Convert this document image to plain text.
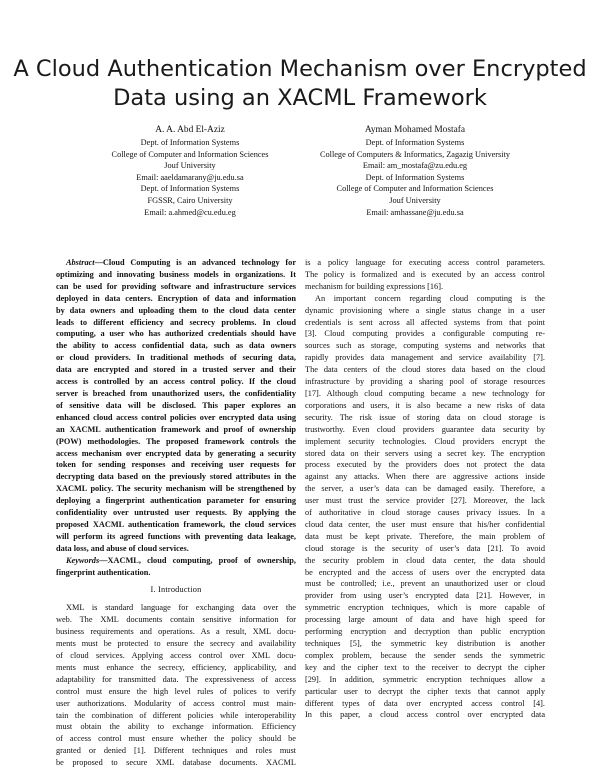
A Cloud Authentication Mechanism over Encrypted
Data using an XACML Framework
A. A. Abd El-Aziz
Dept. of Information Systems
College of Computer and Information Sciences
Jouf University
Email: aaeldamarany@ju.edu.sa
Dept. of Information Systems
FGSSR, Cairo University
Email: a.ahmed@cu.edu.eg
Ayman Mohamed Mostafa
Dept. of Information Systems
College of Computers & Informatics, Zagazig University
Email: am_mostafa@zu.edu.eg
Dept. of Information Systems
College of Computer and Information Sciences
Jouf University
Email: amhassane@ju.edu.sa
Abstract—Cloud Computing is an advanced technology for
optimizing and innovating business models in organizations. It
can be used for providing software and infrastructure services
deployed in data centers. Encryption of data and information
by data owners and uploading them to the cloud data center
leads to different efficiency and secrecy problems. In cloud
computing, a user who has authorized credentials should have
the ability to access confidential data, such as data owners
or cloud providers. In traditional methods of securing data,
data are encrypted and stored in a trusted server and their
access is controlled by an access control policy. If the cloud
server is breached from unauthorized users, the confidentiality
of sensitive data will be disclosed. This paper explores an
enhanced cloud access control policies over encrypted data using
an XACML authentication framework and proof of ownership
(POW) methodologies. The proposed framework controls the
access mechanism over encrypted data by generating a security
token for sending responses and receiving user requests for
decrypting data based on the previously stored attributes in the
XACML policy. The security mechanism will be strengthened by
deploying a fingerprint authentication parameter for ensuring
confidentiality over untrusted user requests. By applying the
proposed XACML authentication framework, the cloud services
will perform its agreed functions with preventing data leakage,
data loss, and abuse of cloud services.
Keywords—XACML, cloud computing, proof of ownership,
fingerprint authentication.
I. Introduction
XML is standard language for exchanging data over the
web. The XML documents contain sensitive information for
business requirements and operations. As a result, XML docu-
ments must be protected to ensure the secrecy and availability
of cloud services. Applying access control over XML docu-
ments must enhance the secrecy, efficiency, applicability, and
adaptability for transmitted data. The expressiveness of access
control must ensure the high level rules of polices to verify
user authorizations. Modularity of access control must main-
tain the combination of different policies while interoperability
must obtain the ability to exchange information. Efficiency
of access control must ensure whether the policy should be
granted or denied [1]. Different techniques and roles must
be proposed to secure XML database documents. XACML
is a policy language for executing access control parameters.
The policy is formalized and is executed by an access control
mechanism for building expressions [16].
An important concern regarding cloud computing is the
dynamic provisioning where a single status change in a user
credentials is sent across all affected systems from that point
[3]. Cloud computing provides a configurable computing re-
sources such as storage, computing systems and networks that
rapidly provides data management and service availability [7].
The data centers of the cloud stores data based on the cloud
infrastructure by providing a sharing pool of storage resources
[17]. Although cloud computing became a new technology for
corporations and users, it is also became a new risks of data
security. The risk issue of storing data on cloud storage is
trustworthy. Even cloud providers guarantee data security by
implement security technologies. Cloud providers encrypt the
stored data on their servers using a secret key. The encryption
process executed by the providers does not protect the data
against any attacks. When there are aggressive actions inside
the server, a user’s data can be damaged easily. Therefore, a
user must trust the service provider [27]. Moreover, the lack
of authoritative in cloud storage causes privacy issues. In a
cloud data center, the user must ensure that his/her confidential
data must be kept private. Therefore, the main problem of
cloud storage is the security of user’s data [21]. To avoid
the security problem in cloud data center, the data should
be encrypted and the access of users over the encrypted data
must be controlled; i.e., prevent an unauthorized user or cloud
provider from using user’s encrypted data [21]. However, in
symmetric encryption techniques, which is more capable of
processing large amount of data and have high speed for
performing encryption and decryption than public encryption
techniques [5], the symmetric key distribution is another
complex problem, because the sender sends the symmetric
key and the cipher text to the receiver to decrypt the cipher
[29]. In addition, symmetric encryption techniques allow a
particular user to decrypt the cipher texts that cannot apply
different types of data over encrypted access control [4].
In this paper, a cloud access control over encrypted data
